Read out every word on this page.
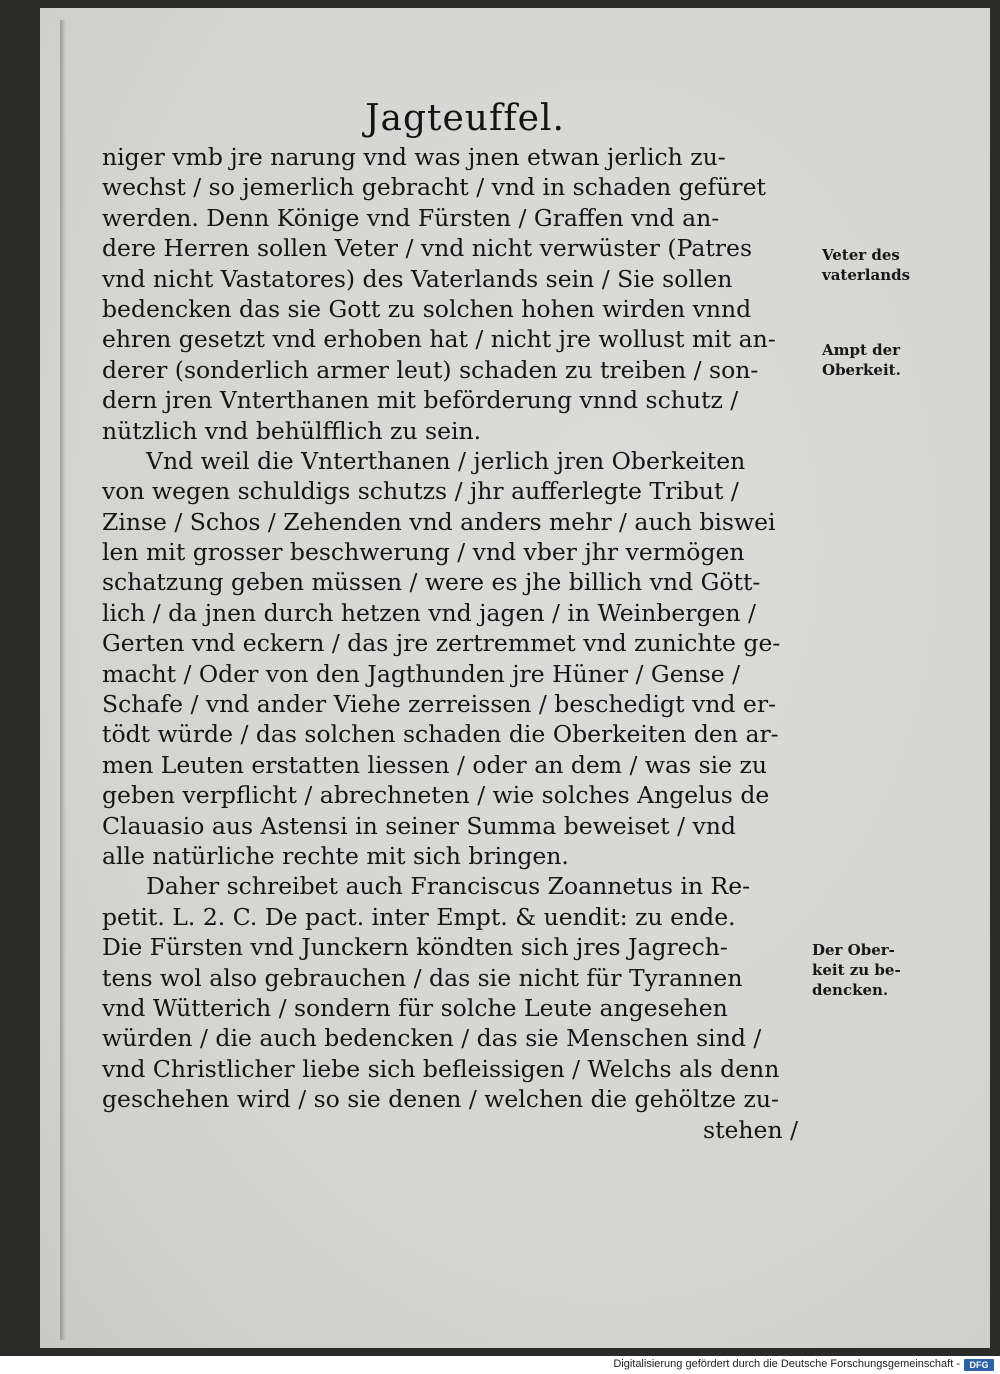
Jagteuffel.
niger vmb jre narung vnd was jnen etwan jerlich zu-
wechst / so jemerlich gebracht / vnd in schaden gefüret
werden. Denn Könige vnd Fürsten / Graffen vnd an-
dere Herren sollen Veter / vnd nicht verwüster (Patres
vnd nicht Vastatores) des Vaterlands sein / Sie sollen
bedencken das sie Gott zu solchen hohen wirden vnnd
ehren gesetzt vnd erhoben hat / nicht jre wollust mit an-
derer (sonderlich armer leut) schaden zu treiben / son-
dern jren Vnterthanen mit beförderung vnnd schutz /
nützlich vnd behülfflich zu sein.
Vnd weil die Vnterthanen / jerlich jren Oberkeiten
von wegen schuldigs schutzs / jhr aufferlegte Tribut /
Zinse / Schos / Zehenden vnd anders mehr / auch biswei
len mit grosser beschwerung / vnd vber jhr vermögen
schatzung geben müssen / were es jhe billich vnd Gött-
lich / da jnen durch hetzen vnd jagen / in Weinbergen /
Gerten vnd eckern / das jre zertremmet vnd zunichte ge-
macht / Oder von den Jagthunden jre Hüner / Gense /
Schafe / vnd ander Viehe zerreissen / beschedigt vnd er-
tödt würde / das solchen schaden die Oberkeiten den ar-
men Leuten erstatten liessen / oder an dem / was sie zu
geben verpflicht / abrechneten / wie solches Angelus de
Clauasio aus Astensi in seiner Summa beweiset / vnd
alle natürliche rechte mit sich bringen.
Daher schreibet auch Franciscus Zoannetus in Re-
petit. L. 2. C. De pact. inter Empt. & uendit: zu ende.
Die Fürsten vnd Junckern köndten sich jres Jagrech-
tens wol also gebrauchen / das sie nicht für Tyrannen
vnd Wütterich / sondern für solche Leute angesehen
würden / die auch bedencken / das sie Menschen sind /
vnd Christlicher liebe sich befleissigen / Welchs als denn
geschehen wird / so sie denen / welchen die gehöltze zu-
stehen /
Veter des
vaterlands
Ampt der
Oberkeit.
Der Ober-
keit zu be-
dencken.
Digitalisierung gefördert durch die Deutsche Forschungsgemeinschaft -	DFG
